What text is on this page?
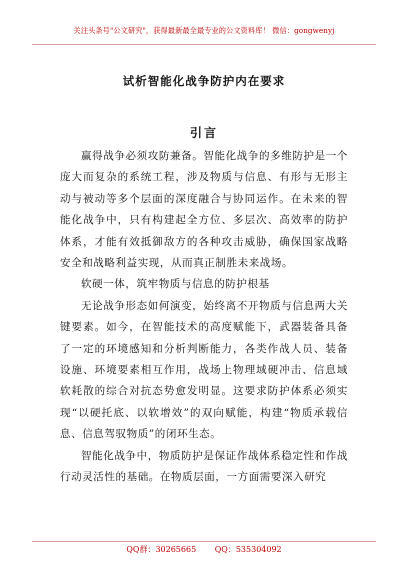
关注头条号"公文研究"，获得最新最全最专业的公文资料库！ 微信：gongwenyj
试析智能化战争防护内在要求
引言

赢得战争必须攻防兼备。智能化战争的多维防护是一个庞大而复杂的系统工程，涉及物质与信息、有形与无形主动与被动等多个层面的深度融合与协同运作。在未来的智能化战争中，只有构建起全方位、多层次、高效率的防护体系，才能有效抵御敌方的各种攻击威胁，确保国家战略安全和战略利益实现，从而真正制胜未来战场。

软硬一体，筑牢物质与信息的防护根基

无论战争形态如何演变，始终离不开物质与信息两大关键要素。如今，在智能技术的高度赋能下，武器装备具备了一定的环境感知和分析判断能力，各类作战人员、装备设施、环境要素相互作用，战场上物理域硬冲击、信息域软耗散的综合对抗态势愈发明显。这要求防护体系必须实现“以硬托底、以软增效”的双向赋能，构建“物质承载信息、信息驾驭物质”的闭环生态。

智能化战争中，物质防护是保证作战体系稳定性和作战行动灵活性的基础。在物质层面，一方面需要深入研究

QQ群：30265665 QQ：535304092
